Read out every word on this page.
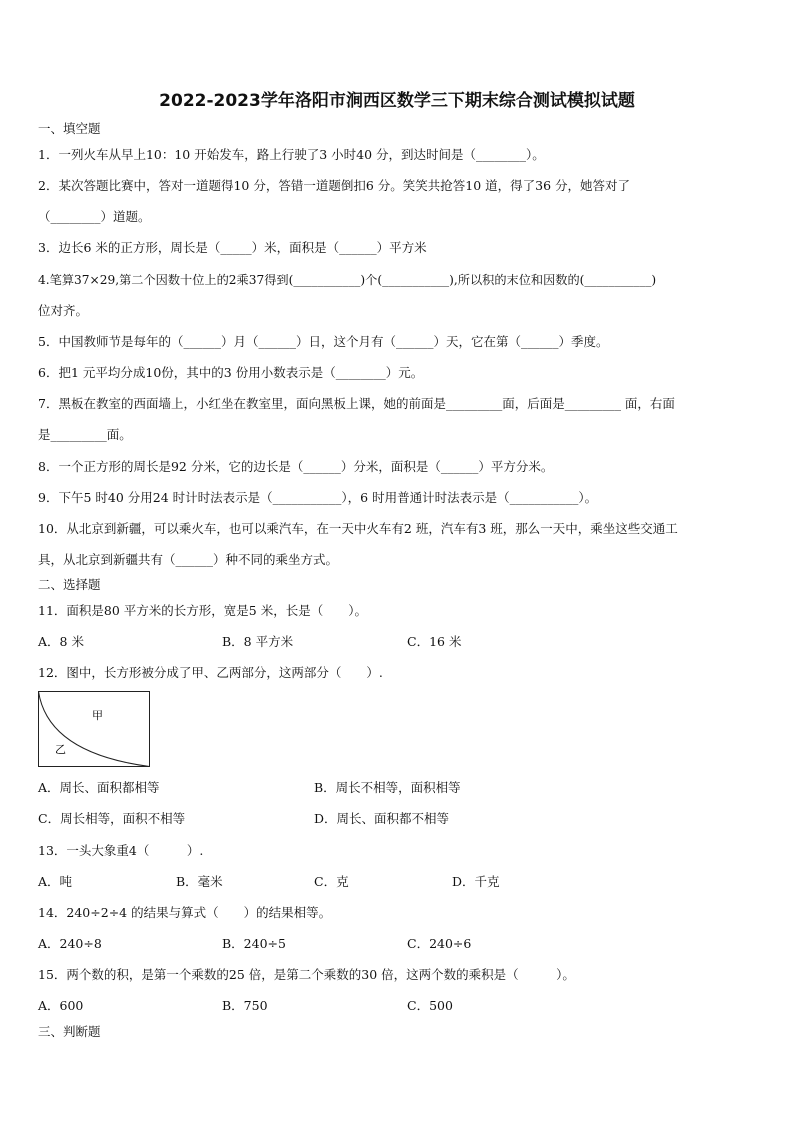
2022-2023学年洛阳市涧西区数学三下期末综合测试模拟试题
一、填空题
1．一列火车从早上10：10 开始发车，路上行驶了3 小时40 分，到达时间是（________）。
2．某次答题比赛中，答对一道题得10 分，答错一道题倒扣6 分。笑笑共抢答10 道，得了36 分，她答对了
（________）道题。
3．边长6 米的正方形，周长是（_____）米，面积是（______）平方米
4.笔算37×29,第二个因数十位上的2乘37得到(___________)个(___________),所以积的末位和因数的(___________)
位对齐。
5．中国教师节是每年的（______）月（______）日，这个月有（______）天，它在第（______）季度。
6．把1 元平均分成10份，其中的3 份用小数表示是（________）元。
7．黑板在教室的西面墙上，小红坐在教室里，面向黑板上课，她的前面是_________面，后面是_________ 面，右面
是_________面。
8．一个正方形的周长是92 分米，它的边长是（______）分米，面积是（______）平方分米。
9．下午5 时40 分用24 时计时法表示是（___________），6 时用普通计时法表示是（___________）。
10．从北京到新疆，可以乘火车，也可以乘汽车，在一天中火车有2 班，汽车有3 班，那么一天中，乘坐这些交通工
具，从北京到新疆共有（______）种不同的乘坐方式。
二、选择题
11．面积是80 平方米的长方形，宽是5 米，长是（　　）。
A．8 米	B．8 平方米	C．16 米
12．图中，长方形被分成了甲、乙两部分，这两部分（　　）.
甲
乙
A．周长、面积都相等	B．周长不相等，面积相等
C．周长相等，面积不相等	D．周长、面积都不相等
13．一头大象重4（　　　）.
A．吨	B．毫米	C．克	D．千克
14．240÷2÷4 的结果与算式（　　）的结果相等。
A．240÷8	B．240÷5	C．240÷6
15．两个数的积，是第一个乘数的25 倍，是第二个乘数的30 倍，这两个数的乘积是（　　　）。
A．600	B．750	C．500
三、判断题
